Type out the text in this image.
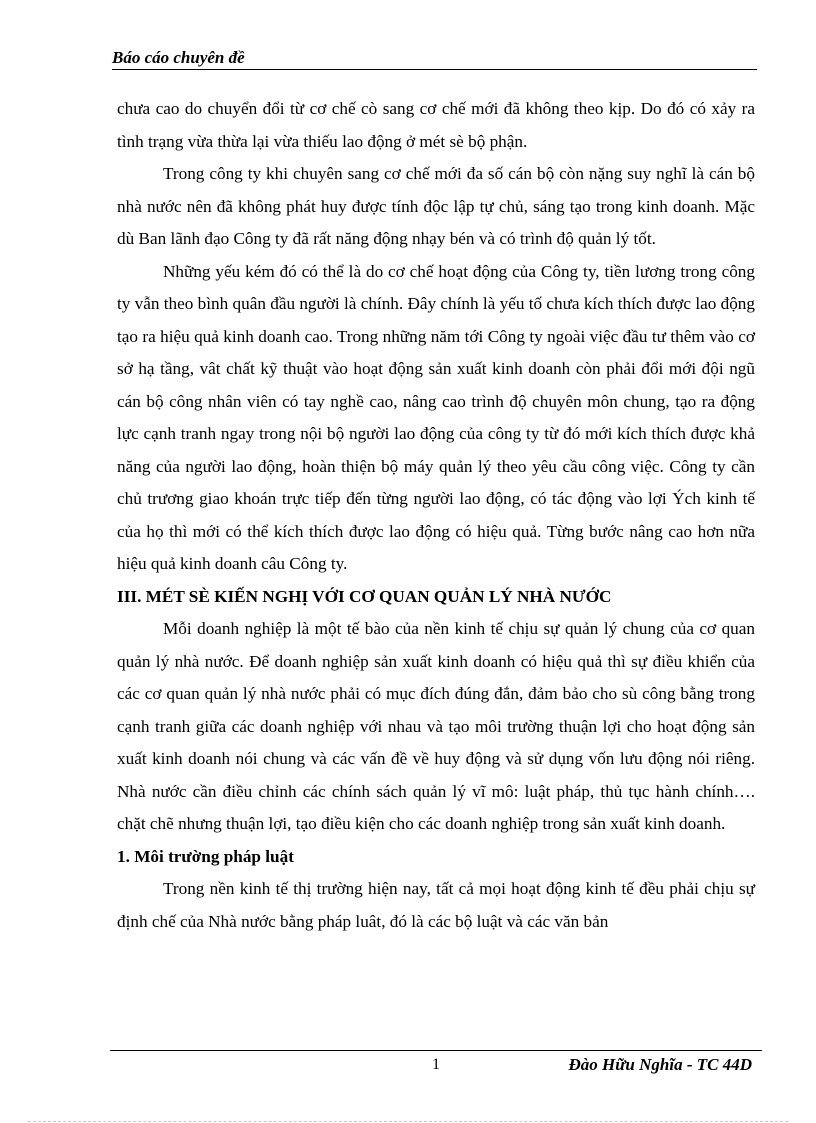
Báo cáo chuyên đề

chưa cao do chuyển đổi từ cơ chế cò sang cơ chế mới đã không theo kịp. Do đó có xảy ra tình trạng vừa thừa lại vừa thiếu lao động ở mét sè bộ phận.

Trong công ty khi chuyên sang cơ chế mới đa số cán bộ còn nặng suy nghĩ là cán bộ nhà nước nên đã không phát huy được tính độc lập tự chủ, sáng tạo trong kinh doanh. Mặc dù Ban lãnh đạo Công ty đã rất năng động nhạy bén và có trình độ quản lý tốt.

Những yếu kém đó có thể là do cơ chế hoạt động của Công ty, tiền lương trong công ty vẫn theo bình quân đầu người là chính. Đây chính là yếu tố chưa kích thích được lao động tạo ra hiệu quả kinh doanh cao. Trong những năm tới Công ty ngoài việc đầu tư thêm vào cơ sở hạ tầng, vât chất kỹ thuật vào hoạt động sản xuất kinh doanh còn phải đổi mới đội ngũ cán bộ công nhân viên có tay nghề cao, nâng cao trình độ chuyên môn chung, tạo ra động lực cạnh tranh ngay trong nội bộ người lao động của công ty từ đó mới kích thích được khả năng của người lao động, hoàn thiện bộ máy quản lý theo yêu cầu công việc. Công ty cần chủ trương giao khoán trực tiếp đến từng người lao động, có tác động vào lợi Ých kinh tế của họ thì mới có thể kích thích được lao động có hiệu quả. Từng bước nâng cao hơn nữa hiệu quả kinh doanh câu Công ty.

III. MÉT SÈ KIẾN NGHỊ VỚI CƠ QUAN QUẢN LÝ NHÀ NƯỚC

Mỗi doanh nghiệp là một tế bào của nền kinh tế chịu sự quản lý chung của cơ quan quản lý nhà nước. Để doanh nghiệp sản xuất kinh doanh có hiệu quả thì sự điều khiển của các cơ quan quản lý nhà nước phải có mục đích đúng đắn, đảm bảo cho sù công bằng trong cạnh tranh giữa các doanh nghiệp với nhau và tạo môi trường thuận lợi cho hoạt động sản xuất kinh doanh nói chung và các vấn đề về huy động và sử dụng vốn lưu động nói riêng. Nhà nước cần điều chỉnh các chính sách quản lý vĩ mô: luật pháp, thủ tục hành chính…. chặt chẽ nhưng thuận lợi, tạo điều kiện cho các doanh nghiệp trong sản xuất kinh doanh.

1. Môi trường pháp luật

Trong nền kinh tế thị trường hiện nay, tất cả mọi hoạt động kinh tế đều phải chịu sự định chế của Nhà nước bằng pháp luât, đó là các bộ luật và các văn bản

1	Đào Hữu Nghĩa - TC 44D
